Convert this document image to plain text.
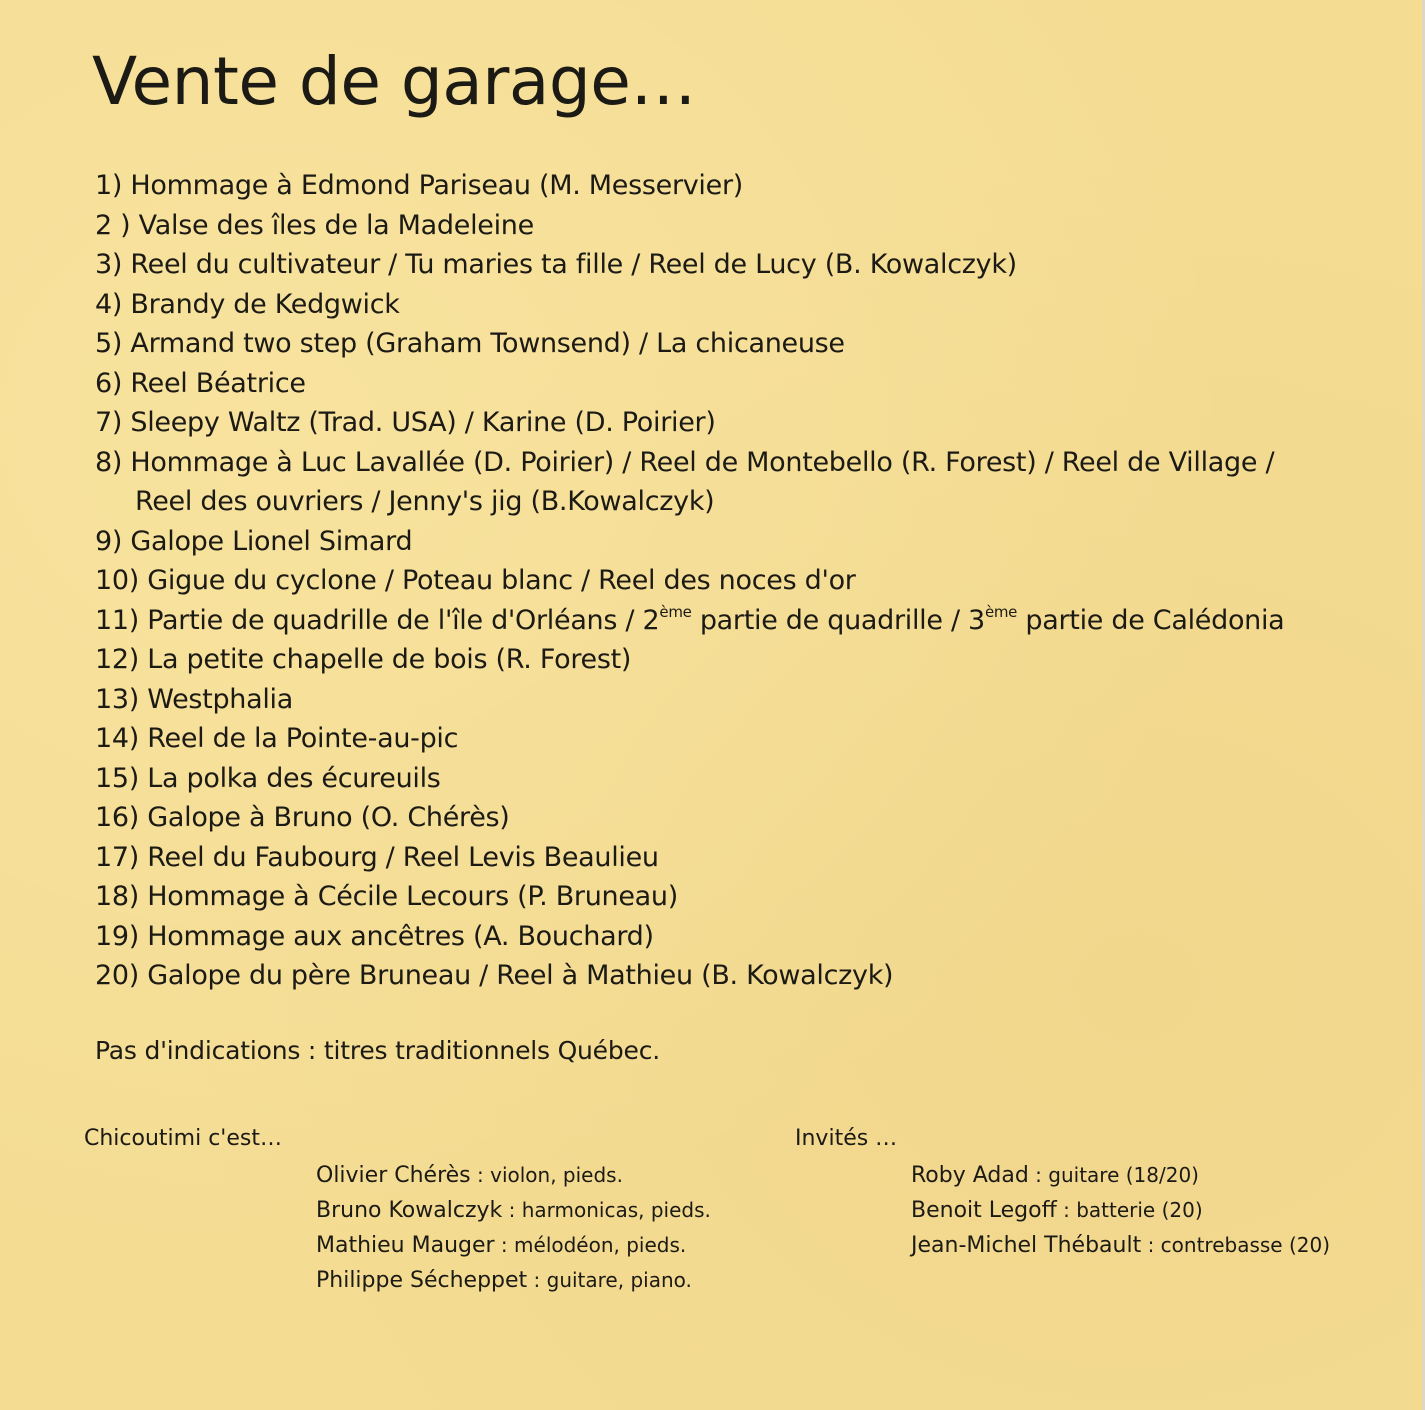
Vente de garage…
1) Hommage à Edmond Pariseau (M. Messervier)
2 ) Valse des îles de la Madeleine
3) Reel du cultivateur / Tu maries ta fille / Reel de Lucy (B. Kowalczyk)
4) Brandy de Kedgwick
5) Armand two step (Graham Townsend) / La chicaneuse
6) Reel Béatrice
7) Sleepy Waltz (Trad. USA) / Karine (D. Poirier)
8) Hommage à Luc Lavallée (D. Poirier) / Reel de Montebello (R. Forest) / Reel de Village /
Reel des ouvriers / Jenny's jig (B.Kowalczyk)
9) Galope Lionel Simard
10) Gigue du cyclone / Poteau blanc / Reel des noces d'or
11) Partie de quadrille de l'île d'Orléans / 2ème partie de quadrille / 3ème partie de Calédonia
12) La petite chapelle de bois (R. Forest)
13) Westphalia
14) Reel de la Pointe-au-pic
15) La polka des écureuils
16) Galope à Bruno (O. Chérès)
17) Reel du Faubourg / Reel Levis Beaulieu
18) Hommage à Cécile Lecours (P. Bruneau)
19) Hommage aux ancêtres (A. Bouchard)
20) Galope du père Bruneau / Reel à Mathieu (B. Kowalczyk)

Pas d'indications : titres traditionnels Québec.

Chicoutimi c'est…

Olivier Chérès : violon, pieds.
Bruno Kowalczyk : harmonicas, pieds.
Mathieu Mauger : mélodéon, pieds.
Philippe Sécheppet : guitare, piano.

Invités …

Roby Adad : guitare (18/20)
Benoit Legoff : batterie (20)
Jean-Michel Thébault : contrebasse (20)
